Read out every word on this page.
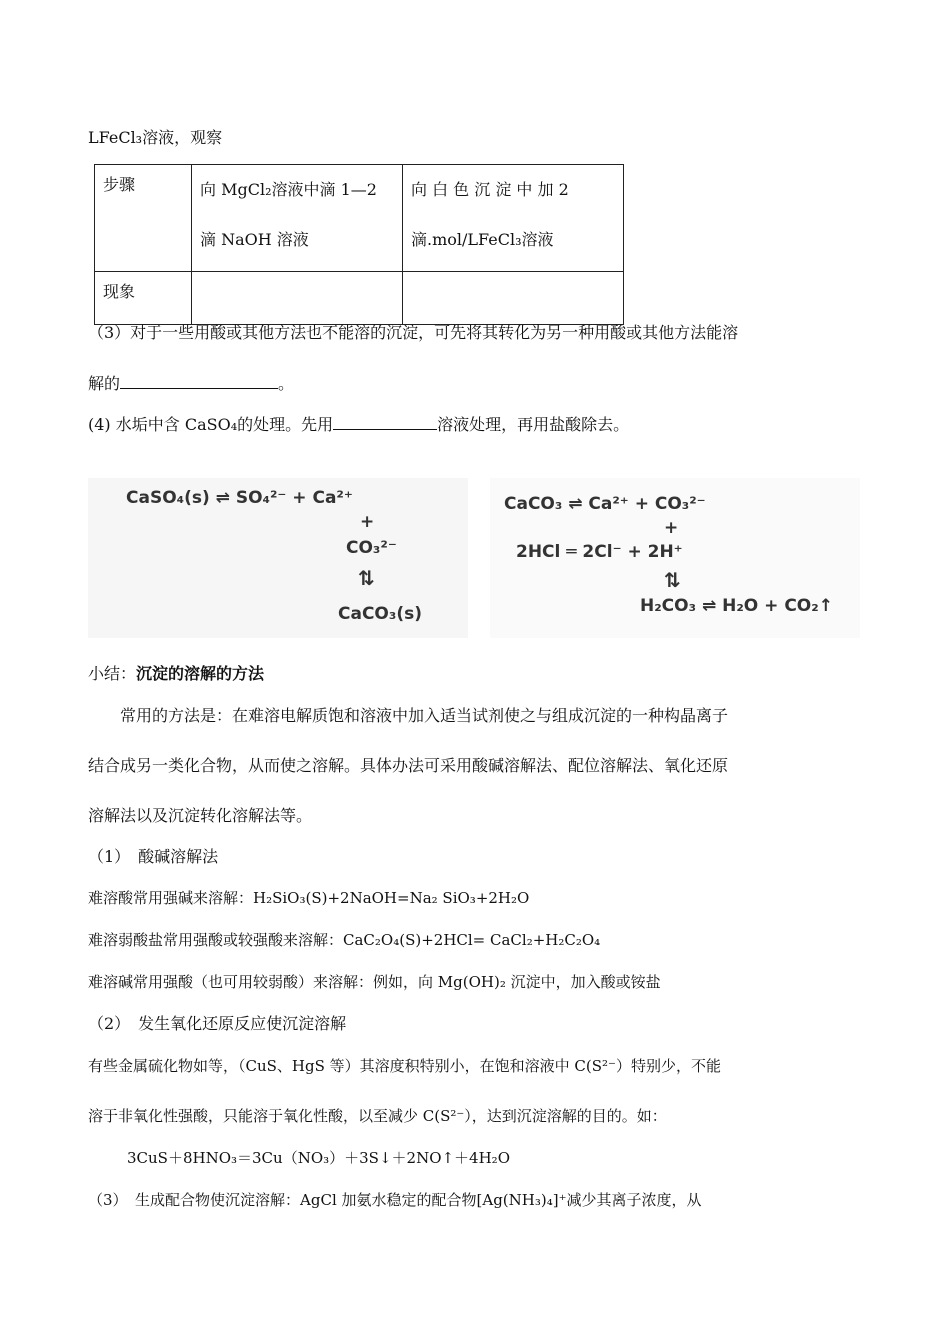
LFeCl₃溶液，观察
步骤	向 MgCl₂溶液中滴 1—2 滴 NaOH 溶液	向 白 色 沉 淀 中 加 2 滴.mol/LFeCl₃溶液
现象		
（3）对于一些用酸或其他方法也不能溶的沉淀，可先将其转化为另一种用酸或其他方法能溶
解的	。
(4) 水垢中含 CaSO₄的处理。先用	溶液处理，再用盐酸除去。
CaSO₄(s) ⇌ SO₄²⁻ + Ca²⁺
+
CO₃²⁻
⇅
CaCO₃(s)
CaCO₃ ⇌ Ca²⁺ + CO₃²⁻
+
2HCl ═ 2Cl⁻ + 2H⁺
⇅
H₂CO₃ ⇌ H₂O + CO₂↑
小结：沉淀的溶解的方法
常用的方法是：在难溶电解质饱和溶液中加入适当试剂使之与组成沉淀的一种构晶离子
结合成另一类化合物，从而使之溶解。具体办法可采用酸碱溶解法、配位溶解法、氧化还原
溶解法以及沉淀转化溶解法等。
（1）　酸碱溶解法
难溶酸常用强碱来溶解：H₂SiO₃(S)+2NaOH=Na₂ SiO₃+2H₂O
难溶弱酸盐常用强酸或较强酸来溶解：CaC₂O₄(S)+2HCl= CaCl₂+H₂C₂O₄
难溶碱常用强酸（也可用较弱酸）来溶解：例如，向 Mg(OH)₂ 沉淀中，加入酸或铵盐
（2）　发生氧化还原反应使沉淀溶解
有些金属硫化物如等，（CuS、HgS 等）其溶度积特别小，在饱和溶液中 C(S²⁻）特别少，不能
溶于非氧化性强酸，只能溶于氧化性酸，以至减少 C(S²⁻），达到沉淀溶解的目的。如：
3CuS＋8HNO₃＝3Cu（NO₃）＋3S↓＋2NO↑＋4H₂O
（3）　生成配合物使沉淀溶解：AgCl 加氨水稳定的配合物[Ag(NH₃)₄]⁺减少其离子浓度，从
